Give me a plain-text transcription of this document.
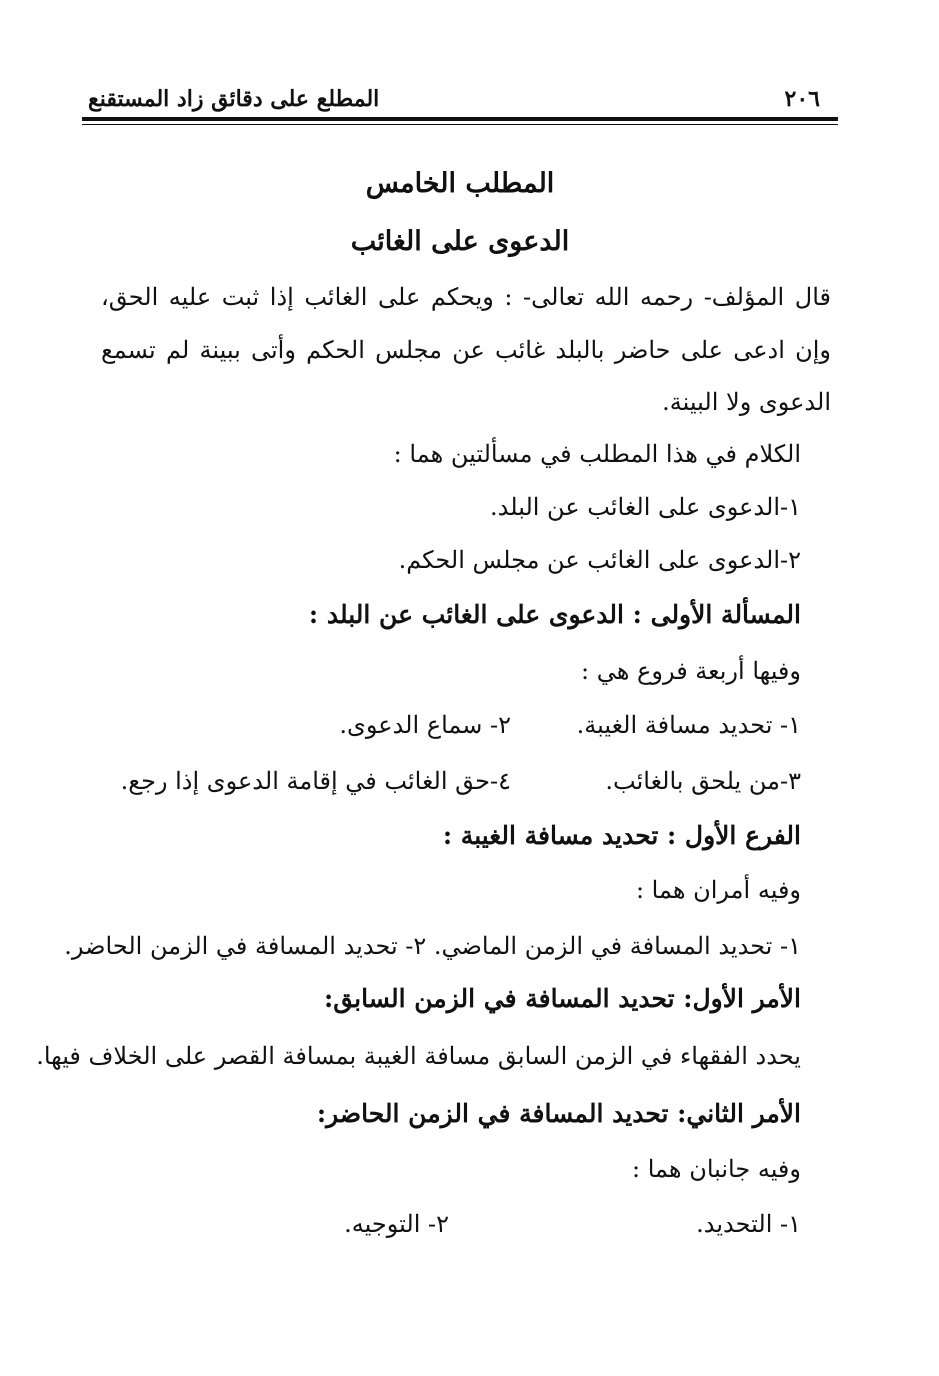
٢٠٦
المطلع على دقائق زاد المستقنع
المطلب الخامس
الدعوى على الغائب
قال المؤلف- رحمه الله تعالى- : ويحكم على الغائب إذا ثبت عليه الحق،
وإن ادعى على حاضر بالبلد غائب عن مجلس الحكم وأتى ببينة لم تسمع
الدعوى ولا البينة.
الكلام في هذا المطلب في مسألتين هما :
١-الدعوى على الغائب عن البلد.
٢-الدعوى على الغائب عن مجلس الحكم.
المسألة الأولى : الدعوى على الغائب عن البلد :
وفيها أربعة فروع هي :
١- تحديد مسافة الغيبة.
٢- سماع الدعوى.
٣-من يلحق بالغائب.
٤-حق الغائب في إقامة الدعوى إذا رجع.
الفرع الأول : تحديد مسافة الغيبة :
وفيه أمران هما :
١- تحديد المسافة في الزمن الماضي. ٢- تحديد المسافة في الزمن الحاضر.
الأمر الأول: تحديد المسافة في الزمن السابق:
يحدد الفقهاء في الزمن السابق مسافة الغيبة بمسافة القصر على الخلاف فيها.
الأمر الثاني: تحديد المسافة في الزمن الحاضر:
وفيه جانبان هما :
١- التحديد.
٢- التوجيه.
